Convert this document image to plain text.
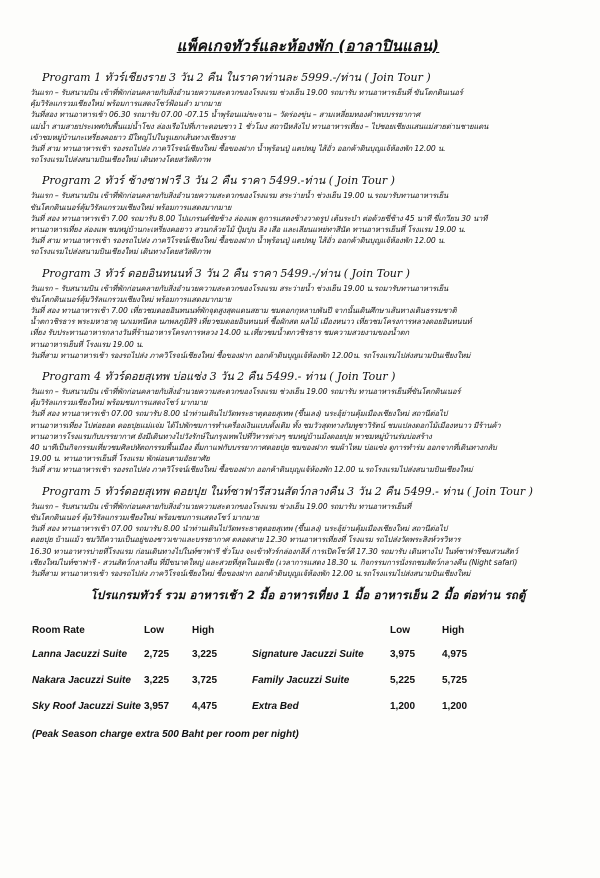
แพ็คเกจทัวร์และห้องพัก (อาลาปินแลน)
Program 1 ทัวร์เชียงราย 3 วัน 2 คืน ในราคาท่านละ 5999.-/ท่าน ( Join Tour )

วันแรก – รับสนามบิน เข้าที่พักก่อนคลายกับสิ่งอำนวยความสะดวกของโรงแรม ช่วงเย็น 19.00 รถมารับ ทานอาหารเย็นที่ ขันโตกดินเนอร์

คุ้มวิรัลแกรวมเชียงใหม่ พร้อมการแสดงโชว์ฟ้อนลำ มากมาย

วันที่สอง ทานอาหารเช้า 06.30 รถมารับ 07.00 -07.15 น้ำพุร้อนแม่ขะจาน – วัดร่องขุ่น – สามเหลี่ยมทองคำพบบรรยากาศ

แม่น้ำ สามสายประเทศกับพื้นแม่น้ำโขง ล่องเรือไปที่เกาะดอนซาว 1 ชั่วโมง สถานีหลังไป ทานอาหารเที่ยง – ไปซอยเชียงแสนแม่สายด่านชายแดน

เข้าชมหมู่บ้านกะเหรี่ยงคอยาว มีใหญ่ไปในรูแยกเส้นทางเชียงราย

วันที่ สาม ทานอาหารเช้า รองรถไปส่ง ภาควิโรจน์เชียงใหม่ ซื้อของฝาก น้ำพุร้อนปู่ แตปหมู ไส้อั่ว ออกค้าดินบุญแจ้ห้องพัก 12.00 น.

รถโรงแรมไปส่งสนามบินเชียงใหม่ เดินทางโดยสวัสดิภาพ

Program 2 ทัวร์ ช้างซาฟารี 3 วัน 2 คืน ราคา 5499.-ท่าน ( Join Tour )

วันแรก – รับสนามบิน เข้าที่พักก่อนคลายกับสิ่งอำนวยความสะดวกของโรงแรม สระว่ายน้ำ ช่วงเย็น 19.00 น.รถมารับทานอาหารเย็น

ขันโตกดินเนอร์คุ้มวิรัลแกรวมเชียงใหม่ พร้อมการแสดงมากมาย

วันที่ สอง ทานอาหารเช้า 7.00 รถมารับ 8.00 ไปแกรนด์ชัยช้าง ล่องแพ ดูการแสดงช้างวาดรูป เต้นระบำ ต่อด้วยขี่ช้าง 45 นาที ขี่เกวียน 30 นาที

ทานอาหารเที่ยง ล่องแพ ชมหมู่บ้านกะเหรี่ยงคอยาว สวนกล้วยไม้ ปุ้มปูน ลิง เสือ และเลียนแหย่ทาสีนัด ทานอาหารเย็นที่ โรงแรม 19.00 น.

วันที่ สาม ทานอาหารเช้า รองรถไปส่ง ภาควิโรจน์เชียงใหม่ ซื้อของฝาก น้ำพุร้อนปู่ แตปหมู ไส้อั่ว ออกค้าดินบุญแจ้ห้องพัก 12.00 น.

รถโรงแรมไปส่งสนามบินเชียงใหม่ เดินทางโดยสวัสดิภาพ

Program 3 ทัวร์ ดอยอินทนนท์ 3 วัน 2 คืน ราคา 5499.-/ท่าน ( Join Tour )

วันแรก – รับสนามบิน เข้าที่พักก่อนคลายกับสิ่งอำนวยความสะดวกของโรงแรม สระว่ายน้ำ ช่วงเย็น 19.00 น.รถมารับทานอาหารเย็น

ขันโตกดินเนอร์คุ้มวิรัลแกรวมเชียงใหม่ พร้อมการแสดงมากมาย

วันที่ สอง ทานอาหารเช้า 7.00 เที่ยวชมดอยอินทนนท์พักจุดสูงสุดแดนสยาม ชมดอกกุหลาบพันปี จากนั้นเดินศึกษาเส้นทางเดินธรรมชาติ

น้ำตกวชิรธาร พระมหาธาตุ นภเมทนีดล นภพลภูมิสิริ เที่ยวชมดอยอินทนนท์ ซื้อผักสด ผลไม้ เมืองหนาว เที่ยวชมโครงการหลวงดอยอินทนนท์

เที่ยง รับประทานอาหารกลางวันที่ร้านอาหารโครงการหลวง 14.00 น.เที่ยวชมน้ำตกวชิรธาร ชมความสวยงามของน้ำตก

ทานอาหารเย็นที่ โรงแรม 19.00 น.

วันที่สาม ทานอาหารเช้า รองรถไปส่ง ภาควิโรจน์เชียงใหม่ ซื้อของฝาก ออกค้าดินบุญแจ้ห้องพัก 12.00น. รถโรงแรมไปส่งสนามบินเชียงใหม่

Program 4 ทัวร์ดอยสุเทพ บ่อแซ่ง 3 วัน 2 คืน 5499.- ท่าน ( Join Tour )

วันแรก – รับสนามบิน เข้าที่พักก่อนคลายกับสิ่งอำนวยความสะดวกของโรงแรม ช่วงเย็น 19.00 รถมารับ ทานอาหารเย็นที่ขันโตกดินเนอร์

คุ้มวิรัลแกรวมเชียงใหม่ พร้อมชมการแสดงโชว์ มากมาย

วันที่ สอง ทานอาหารเช้า 07.00 รถมารับ 8.00 นำท่านเดินไปวัดพระธาตุดอยสุเทพ (ขึ้นเลง) นระอุ้ย่านคุ้มเมืองเชียงใหม่ สถานีต่อไป

ทานอาหารเที่ยง ไปต่อยอด ดอยปุยแม่แจ่ม ได้ไปพักชมการทำเครื่องเงินแบบดั้งเดิม ทั้ง ชมวัวสุดทางกัมพูชาวิรัตน์ ชมแปลงดอกไม้เมืองหนาว มีร้านค้า

ทานอาหารโรงแรมกับบรรยากาศ ยังมีเดินทางไปวังรักษ์ในกรุงเทพไปที่วิหารต่างๆ ชมหมู่บ้านม้งดอยปุย พาชมหมู่บ้านร่มบ่อสร้าง

40 นาทีเป็นกิจกรรมเที่ยวชมศิลปหัตถกรรมพื้นเมือง ดื่มกาแฟกับบรรยากาศดอยปุย ชมของฝาก ชมผ้าไหม บ่อแซ่ง ดูการทำร่ม ออกจากที่เดินทางกลับ

19.00 น. ทานอาหารเย็นที่ โรงแรม พักผ่อนตามอัธยาศัย

วันที่ สาม ทานอาหารเช้า รองรถไปส่ง ภาควิโรจน์เชียงใหม่ ซื้อของฝาก ออกค้าดินบุญแจ้ห้องพัก 12.00 น.รถโรงแรมไปส่งสนามบินเชียงใหม่

Program 5 ทัวร์ดอยสุเทพ ดอยปุย ในท์ซาฟารีสวนสัตว์กลางคืน 3 วัน 2 คืน 5499.- ท่าน ( Join Tour )

วันแรก – รับสนามบิน เข้าที่พักก่อนคลายกับสิ่งอำนวยความสะดวกของโรงแรม ช่วงเย็น 19.00 รถมารับ ทานอาหารเย็นที่

ขันโตกดินเนอร์ คุ้มวิรัลแกรวมเชียงใหม่ พร้อมชมการแสดงโชว์ มากมาย

วันที่ สอง ทานอาหารเช้า 07.00 รถมารับ 8.00 นำท่านเดินไปวัดพระธาตุดอยสุเทพ (ขึ้นเลง) นระอุ้ย่านคุ้มเมืองเชียงใหม่ สถานีต่อไป

ดอยปุย บ้านแม้ว ชมวิถีความเป็นอยู่ของชาวเขาและบรรยากาศ ตลอดสาย 12.30 ทานอาหารเที่ยงที่ โรงแรม รถไปส่งวัดพระสิงห์วรวิหาร

16.30 ทานอาหารบ่ายที่โรงแรม ก่อนเดินทางไปในท์ซาฟารี ชั่วโมง จะเข้าทัวร์กล่องกลีส์ การเปิดโชว์ดี 17.30 รถมารับ เดินทางไป ในท์ซาฟารีชมสวนสัตว์

เชียงใหม่ไนท์ซาฟารี - สวนสัตว์กลางคืน ที่มีขนาดใหญ่ และสวยที่สุดในเอเชีย (เวลาการแสดง 18.30 น. กิจกรรมการนั่งรถชมสัตว์กลางคืน (Night safari)

วันที่สาม ทานอาหารเช้า รองรถไปส่ง ภาควิโรจน์เชียงใหม่ ซื้อของฝาก ออกค้าดินบุญแจ้ห้องพัก 12.00 น.รถโรงแรมไปส่งสนามบินเชียงใหม่

โปรแกรมทัวร์ รวม อาหารเช้า 2 มื้อ อาหารเที่ยง 1 มื้อ อาหารเย็น 2 มื้อ ต่อท่าน รถตู้
Room Rate	Low	High		Low	High
Lanna Jacuzzi Suite	2,725	3,225	Signature Jacuzzi Suite	3,975	4,975
Nakara Jacuzzi Suite	3,225	3,725	Family Jacuzzi Suite	5,225	5,725
Sky Roof Jacuzzi Suite	3,957	4,475	Extra Bed	1,200	1,200
(Peak Season charge extra 500 Baht per room per night)
